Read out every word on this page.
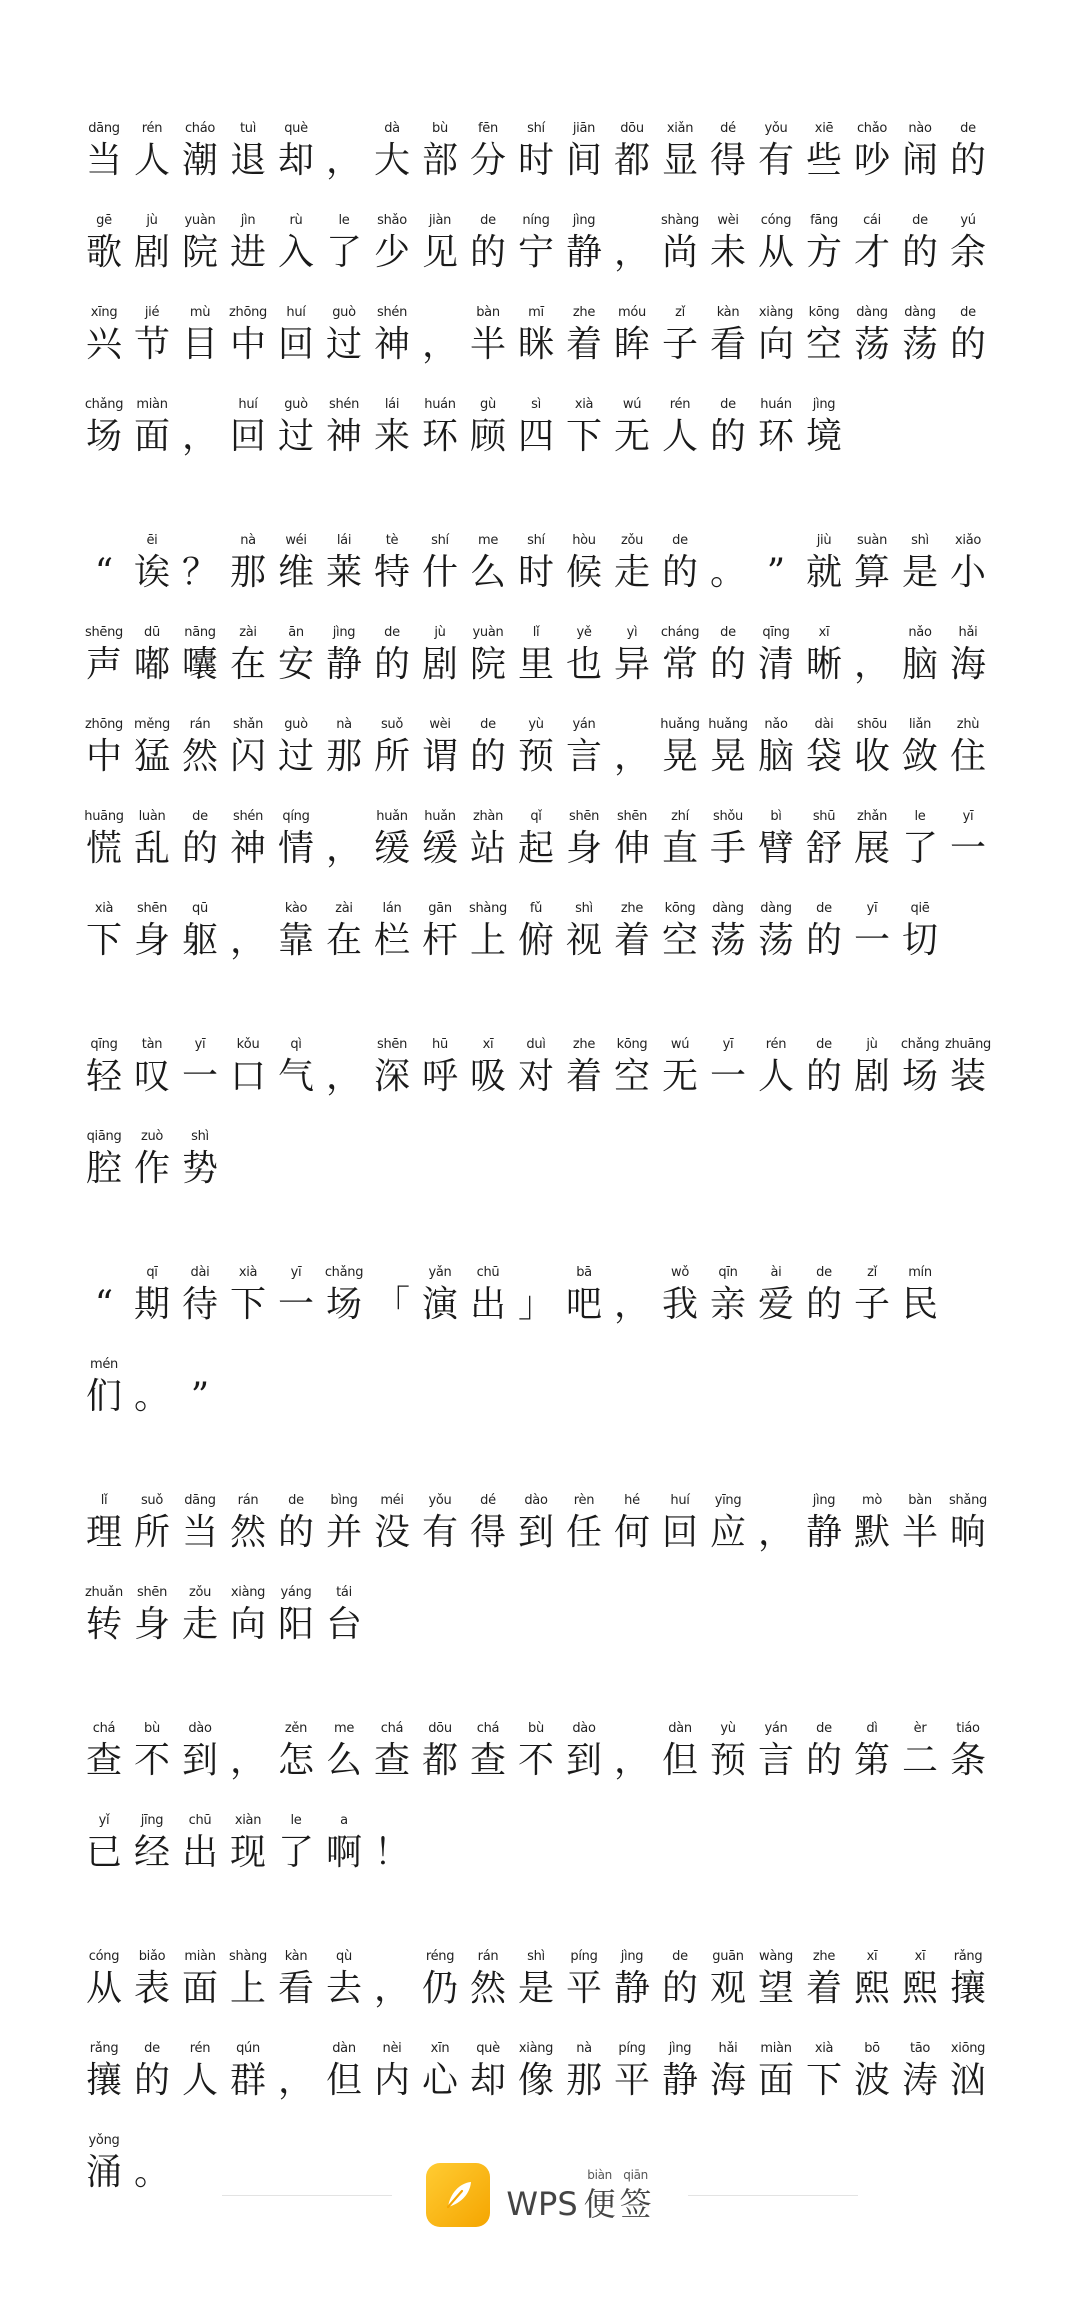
dāng
当
rén
人
cháo
潮
tuì
退
què
却 ，
dà
大
bù
部
fēn
分
shí
时
jiān
间
dōu
都
xiǎn
显
dé
得
yǒu
有
xiē
些
chǎo
吵
nào
闹
de
的
gē
歌
jù
剧
yuàn
院
jìn
进
rù
入
le
了
shǎo
少
jiàn
见
de
的
níng
宁
jìng
静 ，
shàng
尚
wèi
未
cóng
从
fāng
方
cái
才
de
的
yú
余
xīng
兴
jié
节
mù
目
zhōng
中
huí
回
guò
过
shén
神 ，
bàn
半
mī
眯
zhe
着
móu
眸
zǐ
子
kàn
看
xiàng
向
kōng
空
dàng
荡
dàng
荡
de
的
chǎng
场
miàn
面 ，
huí
回
guò
过
shén
神
lái
来
huán
环
gù
顾
sì
四
xià
下
wú
无
rén
人
de
的
huán
环
jìng
境
“
ēi
诶 ？
nà
那
wéi
维
lái
莱
tè
特
shí
什
me
么
shí
时
hòu
候
zǒu
走
de
的 。 ”
jiù
就
suàn
算
shì
是
xiǎo
小
shēng
声
dū
嘟
nāng
囔
zài
在
ān
安
jìng
静
de
的
jù
剧
yuàn
院
lǐ
里
yě
也
yì
异
cháng
常
de
的
qīng
清
xī
晰 ，
nǎo
脑
hǎi
海
zhōng
中
měng
猛
rán
然
shǎn
闪
guò
过
nà
那
suǒ
所
wèi
谓
de
的
yù
预
yán
言 ，
huǎng
晃
huǎng
晃
nǎo
脑
dài
袋
shōu
收
liǎn
敛
zhù
住
huāng
慌
luàn
乱
de
的
shén
神
qíng
情 ，
huǎn
缓
huǎn
缓
zhàn
站
qǐ
起
shēn
身
shēn
伸
zhí
直
shǒu
手
bì
臂
shū
舒
zhǎn
展
le
了
yī
一
xià
下
shēn
身
qū
躯 ，
kào
靠
zài
在
lán
栏
gān
杆
shàng
上
fǔ
俯
shì
视
zhe
着
kōng
空
dàng
荡
dàng
荡
de
的
yī
一
qiē
切
qīng
轻
tàn
叹
yī
一
kǒu
口
qì
气 ，
shēn
深
hū
呼
xī
吸
duì
对
zhe
着
kōng
空
wú
无
yī
一
rén
人
de
的
jù
剧
chǎng
场
zhuāng
装
qiāng
腔
zuò
作
shì
势
“
qī
期
dài
待
xià
下
yī
一
chǎng
场 「
yǎn
演
chū
出 」
bā
吧 ，
wǒ
我
qīn
亲
ài
爱
de
的
zǐ
子
mín
民
mén
们 。 ”
lǐ
理
suǒ
所
dāng
当
rán
然
de
的
bìng
并
méi
没
yǒu
有
dé
得
dào
到
rèn
任
hé
何
huí
回
yīng
应 ，
jìng
静
mò
默
bàn
半
shǎng
晌
zhuǎn
转
shēn
身
zǒu
走
xiàng
向
yáng
阳
tái
台
chá
查
bù
不
dào
到 ，
zěn
怎
me
么
chá
查
dōu
都
chá
查
bù
不
dào
到 ，
dàn
但
yù
预
yán
言
de
的
dì
第
èr
二
tiáo
条
yǐ
已
jīng
经
chū
出
xiàn
现
le
了
a
啊 ！
cóng
从
biǎo
表
miàn
面
shàng
上
kàn
看
qù
去 ，
réng
仍
rán
然
shì
是
píng
平
jìng
静
de
的
guān
观
wàng
望
zhe
着
xī
熙
xī
熙
rǎng
攘
rǎng
攘
de
的
rén
人
qún
群 ，
dàn
但
nèi
内
xīn
心
què
却
xiàng
像
nà
那
píng
平
jìng
静
hǎi
海
miàn
面
xià
下
bō
波
tāo
涛
xiōng
汹
yǒng
涌 。
WPS
biàn
便
qiān
签
